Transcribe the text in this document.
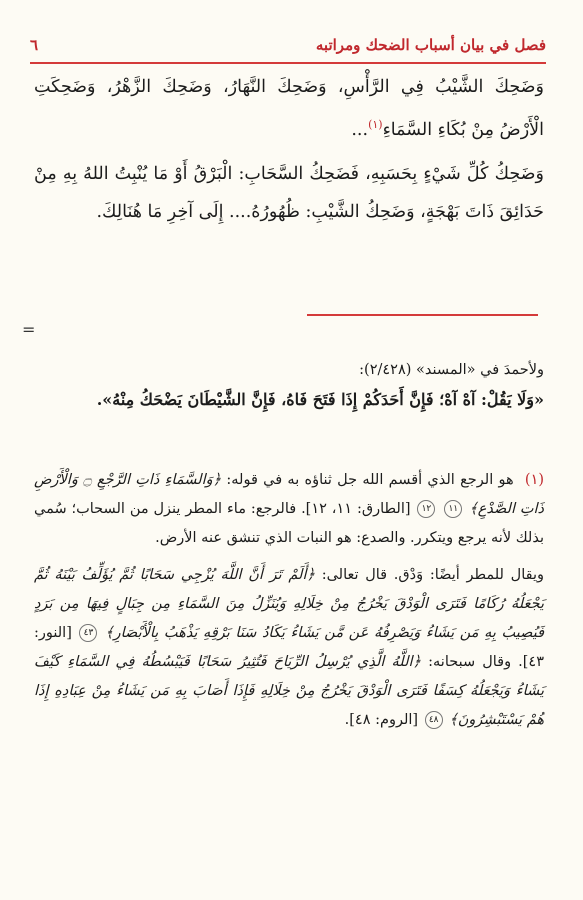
٦	فصل في بيان أسباب الضحك ومراتبه

وَضَحِكَ الشَّيْبُ فِي الرَّأْسِ، وَضَحِكَ النَّهَارُ، وَضَحِكَ الزَّهْرُ، وَضَحِكَتِ الْأَرْضُ مِنْ بُكَاءِ السَّمَاءِ$^{(١)}$...

وَضَحِكُ كُلِّ شَيْءٍ بِحَسَبِهِ، فَضَحِكُ السَّحَابِ: الْبَرْقُ أَوْ مَا يُنْبِتُ اللهُ بِهِ مِنْ حَدَائِقَ ذَاتَ بَهْجَةٍ، وَضَحِكُ الشَّيْبِ: ظُهُورُهُ.... إِلَى آخِرِ مَا هُنَالِكَ.

=

ولأحمدَ في «المسند» (٢/٤٢٨):

«وَلَا يَقُلْ: آهْ آهْ؛ فَإِنَّ أَحَدَكُمْ إِذَا فَتَحَ فَاهُ، فَإِنَّ الشَّيْطَانَ يَضْحَكُ مِنْهُ».

(١) هو الرجع الذي أقسم الله جل ثناؤه به في قوله: ﴿وَالسَّمَاءِ ذَاتِ الرَّجْعِ ۝ وَالْأَرْضِ ذَاتِ الصَّدْعِ﴾ ١١ ١٢ [الطارق: ١١، ١٢]. فالرجع: ماء المطر ينزل من السحاب؛ سُمي بذلك لأنه يرجع ويتكرر. والصدع: هو النبات الذي تنشق عنه الأرض.

ويقال للمطر أيضًا: وَدْق. قال تعالى: ﴿أَلَمْ تَرَ أَنَّ اللَّهَ يُزْجِي سَحَابًا ثُمَّ يُؤَلِّفُ بَيْنَهُ ثُمَّ يَجْعَلُهُ رُكَامًا فَتَرَى الْوَدْقَ يَخْرُجُ مِنْ خِلَالِهِ وَيُنَزِّلُ مِنَ السَّمَاءِ مِن جِبَالٍ فِيهَا مِن بَرَدٍ فَيُصِيبُ بِهِ مَن يَشَاءُ وَيَصْرِفُهُ عَن مَّن يَشَاءُ يَكَادُ سَنَا بَرْقِهِ يَذْهَبُ بِالْأَبْصَارِ﴾ ٤٣ [النور: ٤٣]. وقال سبحانه: ﴿اللَّهُ الَّذِي يُرْسِلُ الرِّيَاحَ فَتُثِيرُ سَحَابًا فَيَبْسُطُهُ فِي السَّمَاءِ كَيْفَ يَشَاءُ وَيَجْعَلُهُ كِسَفًا فَتَرَى الْوَدْقَ يَخْرُجُ مِنْ خِلَالِهِ فَإِذَا أَصَابَ بِهِ مَن يَشَاءُ مِنْ عِبَادِهِ إِذَا هُمْ يَسْتَبْشِرُونَ﴾ ٤٨ [الروم: ٤٨].
